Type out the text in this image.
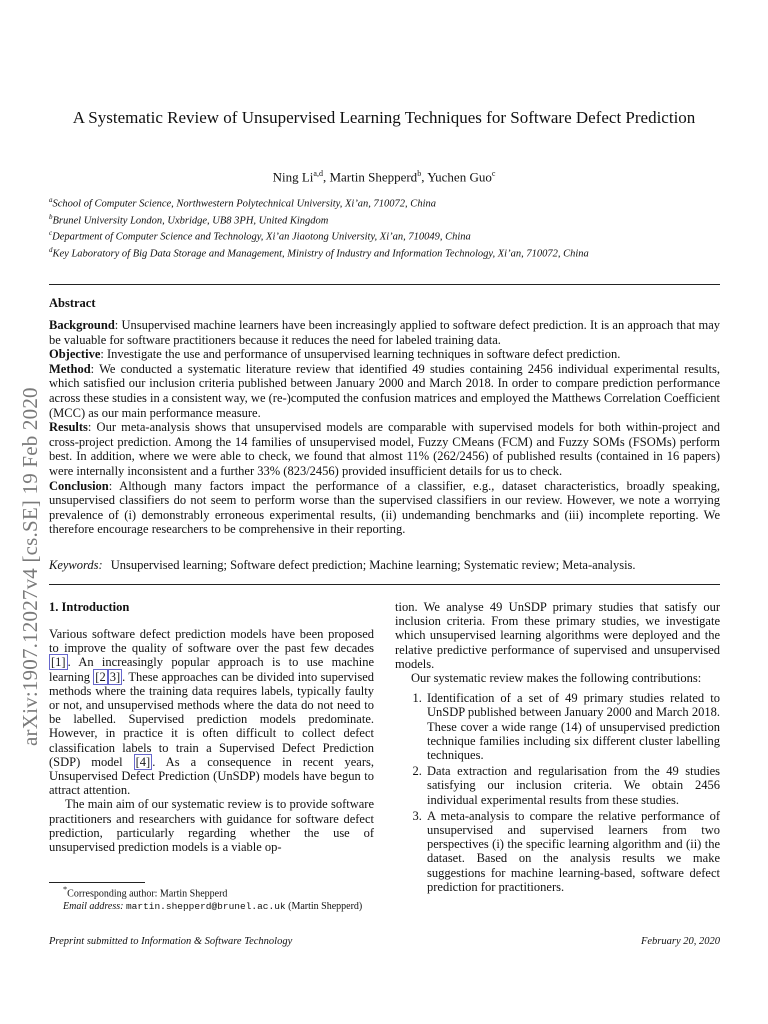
arXiv:1907.12027v4 [cs.SE] 19 Feb 2020
A Systematic Review of Unsupervised Learning Techniques for Software Defect Prediction
Ning Li$^{a,d}$, Martin Shepperd$^b$, Yuchen Guo$^c$
$^a$School of Computer Science, Northwestern Polytechnical University, Xi’an, 710072, China
$^b$Brunel University London, Uxbridge, UB8 3PH, United Kingdom
$^c$Department of Computer Science and Technology, Xi’an Jiaotong University, Xi’an, 710049, China
$^d$Key Laboratory of Big Data Storage and Management, Ministry of Industry and Information Technology, Xi’an, 710072, China
Abstract

Background: Unsupervised machine learners have been increasingly applied to software defect prediction. It is an approach that may be valuable for software practitioners because it reduces the need for labeled training data.

Objective: Investigate the use and performance of unsupervised learning techniques in software defect prediction.

Method: We conducted a systematic literature review that identified 49 studies containing 2456 individual experimental results, which satisfied our inclusion criteria published between January 2000 and March 2018. In order to compare prediction performance across these studies in a consistent way, we (re-)computed the confusion matrices and employed the Matthews Correlation Coefficient (MCC) as our main performance measure.

Results: Our meta-analysis shows that unsupervised models are comparable with supervised models for both within-project and cross-project prediction. Among the 14 families of unsupervised model, Fuzzy CMeans (FCM) and Fuzzy SOMs (FSOMs) perform best. In addition, where we were able to check, we found that almost 11% (262/2456) of published results (contained in 16 papers) were internally inconsistent and a further 33% (823/2456) provided insufficient details for us to check.

Conclusion: Although many factors impact the performance of a classifier, e.g., dataset characteristics, broadly speaking, unsupervised classifiers do not seem to perform worse than the supervised classifiers in our review. However, we note a worrying prevalence of (i) demonstrably erroneous experimental results, (ii) undemanding benchmarks and (iii) incomplete reporting. We therefore encourage researchers to be comprehensive in their reporting.

Keywords: Unsupervised learning; Software defect prediction; Machine learning; Systematic review; Meta-analysis.
1. Introduction

Various software defect prediction models have been proposed to improve the quality of software over the past few decades [1] . An increasingly popular approach is to use machine learning [2 3] . These approaches can be divided into supervised methods where the training data requires labels, typically faulty or not, and unsupervised methods where the data do not need to be labelled. Supervised prediction models predominate. However, in practice it is often difficult to collect defect classification labels to train a Supervised Defect Prediction (SDP) model [4] . As a consequence in recent years, Unsupervised Defect Prediction (UnSDP) models have begun to attract attention.

The main aim of our systematic review is to provide software practitioners and researchers with guidance for software defect prediction, particularly regarding whether the use of unsupervised prediction models is a viable op-

tion. We analyse 49 UnSDP primary studies that satisfy our inclusion criteria. From these primary studies, we investigate which unsupervised learning algorithms were deployed and the relative predictive performance of supervised and unsupervised models.

Our systematic review makes the following contributions:

1. Identification of a set of 49 primary studies related to UnSDP published between January 2000 and March 2018. These cover a wide range (14) of unsupervised prediction technique families including six different cluster labelling techniques.
2. Data extraction and regularisation from the 49 studies satisfying our inclusion criteria. We obtain 2456 individual experimental results from these studies.
3. A meta-analysis to compare the relative performance of unsupervised and supervised learners from two perspectives (i) the specific learning algorithm and (ii) the dataset. Based on the analysis results we make suggestions for machine learning-based, software defect prediction for practitioners.
*Corresponding author: Martin Shepperd
Email address: martin.shepperd@brunel.ac.uk (Martin Shepperd)
Preprint submitted to Information & Software Technology	February 20, 2020
